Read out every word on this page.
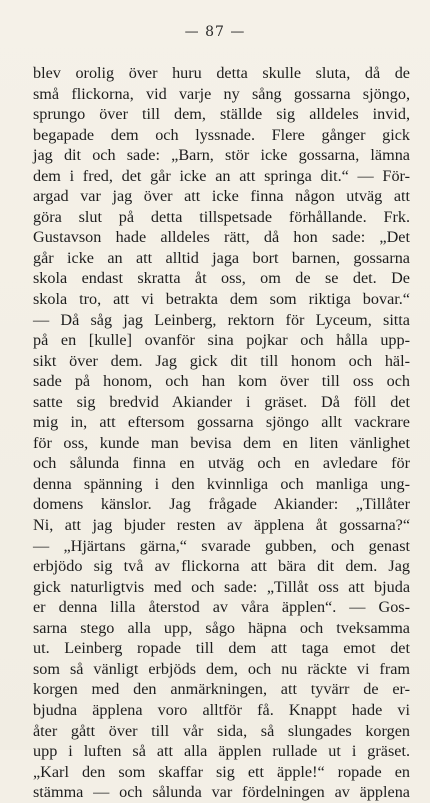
— 87 —
blev orolig över huru detta skulle sluta, då de
små flickorna, vid varje ny sång gossarna sjöngo,
sprungo över till dem, ställde sig alldeles invid,
begapade dem och lyssnade. Flere gånger gick
jag dit och sade: „Barn, stör icke gossarna, lämna
dem i fred, det går icke an att springa dit.“ — För-
argad var jag över att icke finna någon utväg att
göra slut på detta tillspetsade förhållande. Frk.
Gustavson hade alldeles rätt, då hon sade: „Det
går icke an att alltid jaga bort barnen, gossarna
skola endast skratta åt oss, om de se det. De
skola tro, att vi betrakta dem som riktiga bovar.“
— Då såg jag Leinberg, rektorn för Lyceum, sitta
på en [kulle] ovanför sina pojkar och hålla upp-
sikt över dem. Jag gick dit till honom och häl-
sade på honom, och han kom över till oss och
satte sig bredvid Akiander i gräset. Då föll det
mig in, att eftersom gossarna sjöngo allt vackrare
för oss, kunde man bevisa dem en liten vänlighet
och sålunda finna en utväg och en avledare för
denna spänning i den kvinnliga och manliga ung-
domens känslor. Jag frågade Akiander: „Tillåter
Ni, att jag bjuder resten av äpplena åt gossarna?“
— „Hjärtans gärna,“ svarade gubben, och genast
erbjödo sig två av flickorna att bära dit dem. Jag
gick naturligtvis med och sade: „Tillåt oss att bjuda
er denna lilla återstod av våra äpplen“. — Gos-
sarna stego alla upp, sågo häpna och tveksamma
ut. Leinberg ropade till dem att taga emot det
som så vänligt erbjöds dem, och nu räckte vi fram
korgen med den anmärkningen, att tyvärr de er-
bjudna äpplena voro alltför få. Knappt hade vi
åter gått över till vår sida, så slungades korgen
upp i luften så att alla äpplen rullade ut i gräset.
„Karl den som skaffar sig ett äpple!“ ropade en
stämma — och sålunda var fördelningen av äpplena
